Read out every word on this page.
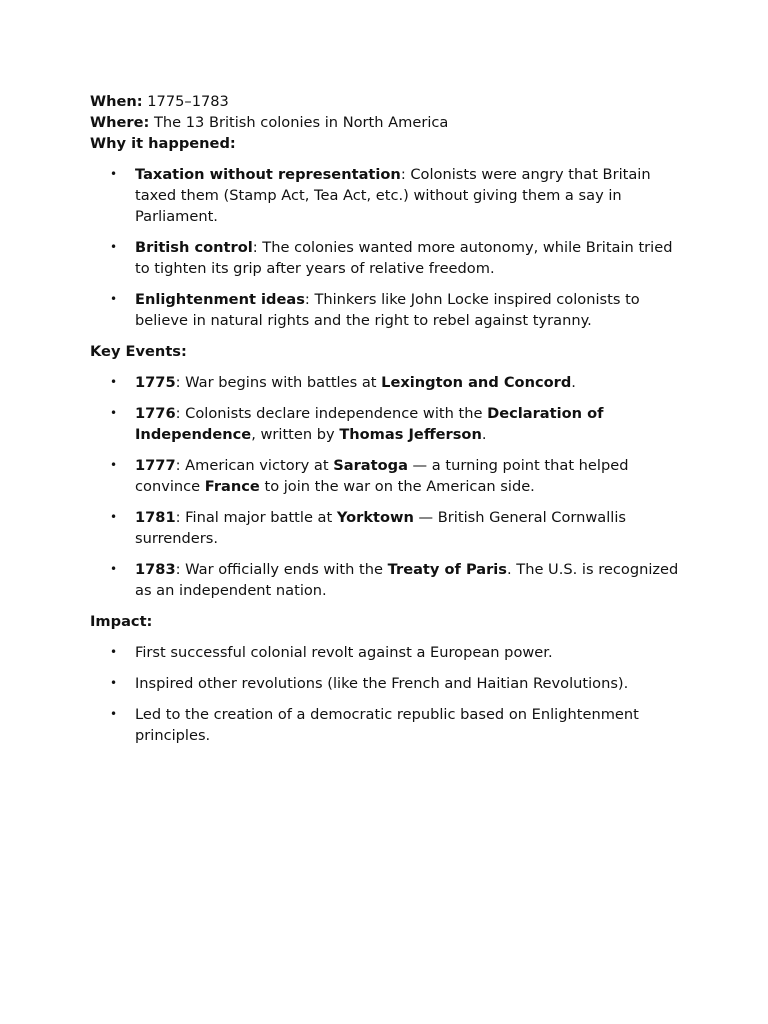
When: 1775–1783

Where: The 13 British colonies in North America

Why it happened:

• Taxation without representation: Colonists were angry that Britain taxed them (Stamp Act, Tea Act, etc.) without giving them a say in Parliament.
• British control: The colonies wanted more autonomy, while Britain tried to tighten its grip after years of relative freedom.
• Enlightenment ideas: Thinkers like John Locke inspired colonists to believe in natural rights and the right to rebel against tyranny.

Key Events:

• 1775: War begins with battles at Lexington and Concord.
• 1776: Colonists declare independence with the Declaration of Independence, written by Thomas Jefferson.
• 1777: American victory at Saratoga — a turning point that helped convince France to join the war on the American side.
• 1781: Final major battle at Yorktown — British General Cornwallis surrenders.
• 1783: War officially ends with the Treaty of Paris. The U.S. is recognized as an independent nation.

Impact:

• First successful colonial revolt against a European power.
• Inspired other revolutions (like the French and Haitian Revolutions).
• Led to the creation of a democratic republic based on Enlightenment principles.
